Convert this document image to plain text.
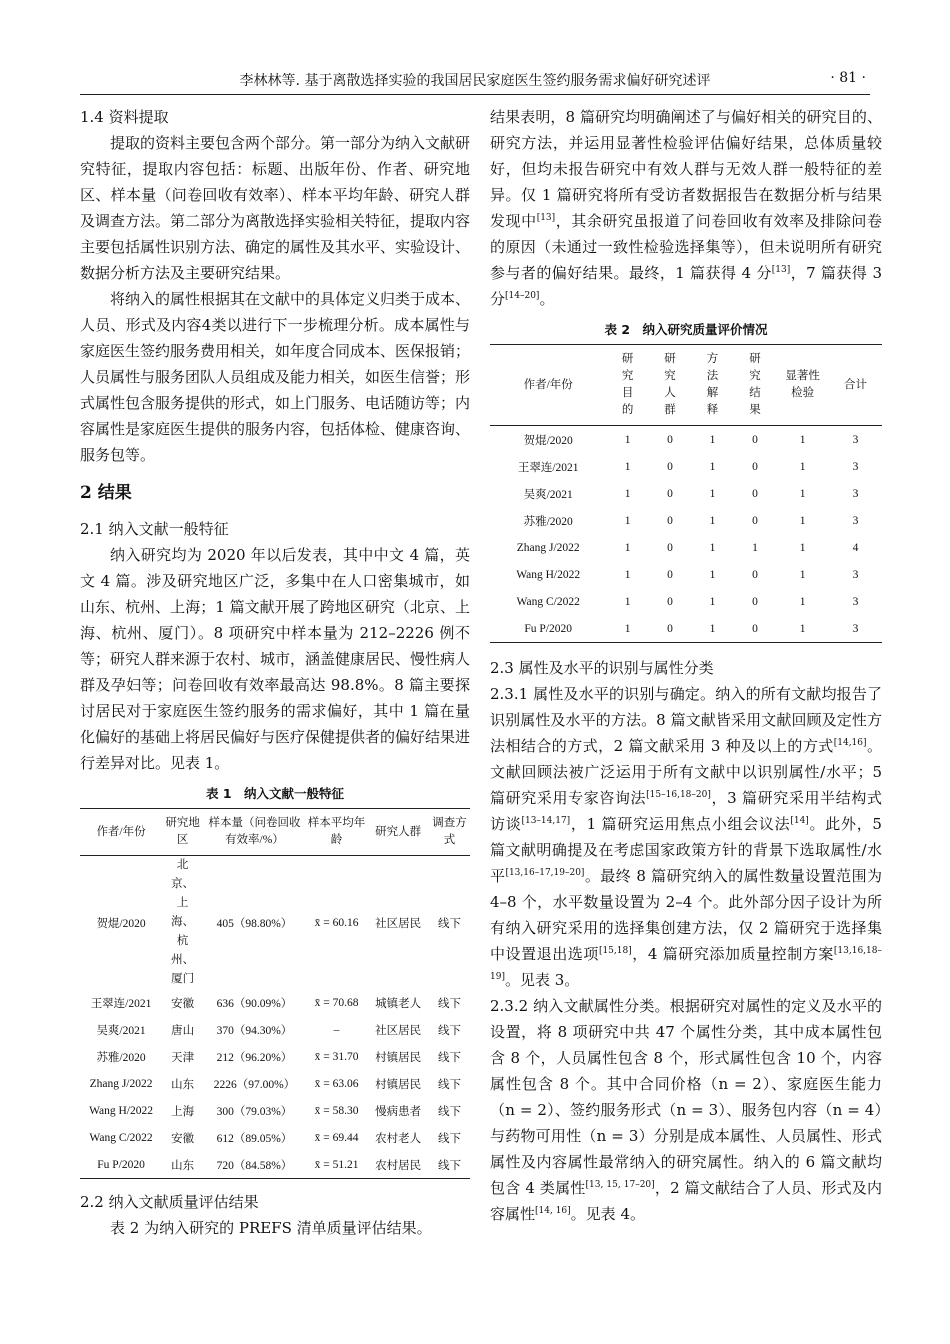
李林林等. 基于离散选择实验的我国居民家庭医生签约服务需求偏好研究述评	· 81 ·
1.4 资料提取

提取的资料主要包含两个部分。第一部分为纳入文献研究特征，提取内容包括：标题、出版年份、作者、研究地区、样本量（问卷回收有效率）、样本平均年龄、研究人群及调查方法。第二部分为离散选择实验相关特征，提取内容主要包括属性识别方法、确定的属性及其水平、实验设计、数据分析方法及主要研究结果。

将纳入的属性根据其在文献中的具体定义归类于成本、人员、形式及内容4类以进行下一步梳理分析。成本属性与家庭医生签约服务费用相关，如年度合同成本、医保报销；人员属性与服务团队人员组成及能力相关，如医生信誉；形式属性包含服务提供的形式，如上门服务、电话随访等；内容属性是家庭医生提供的服务内容，包括体检、健康咨询、服务包等。

2 结果
2.1 纳入文献一般特征

纳入研究均为 2020 年以后发表，其中中文 4 篇，英文 4 篇。涉及研究地区广泛，多集中在人口密集城市，如山东、杭州、上海；1 篇文献开展了跨地区研究（北京、上海、杭州、厦门）。8 项研究中样本量为 212–2226 例不等；研究人群来源于农村、城市，涵盖健康居民、慢性病人群及孕妇等；问卷回收有效率最高达 98.8%。8 篇主要探讨居民对于家庭医生签约服务的需求偏好，其中 1 篇在量化偏好的基础上将居民偏好与医疗保健提供者的偏好结果进行差异对比。见表 1。

表 1　纳入文献一般特征
作者/年份	研究地区	样本量（问卷回收有效率/%）	样本平均年龄	研究人群	调查方式
贺焜/2020	北京、上海、杭州、厦门	405（98.80%）	x̄ = 60.16	社区居民	线下
王翠连/2021	安徽	636（90.09%）	x̄ = 70.68	城镇老人	线下
吴爽/2021	唐山	370（94.30%）	–	社区居民	线下
苏雅/2020	天津	212（96.20%）	x̄ = 31.70	村镇居民	线下
Zhang J/2022	山东	2226（97.00%）	x̄ = 63.06	村镇居民	线下
Wang H/2022	上海	300（79.03%）	x̄ = 58.30	慢病患者	线下
Wang C/2022	安徽	612（89.05%）	x̄ = 69.44	农村老人	线下
Fu P/2020	山东	720（84.58%）	x̄ = 51.21	农村居民	线下
2.2 纳入文献质量评估结果

表 2 为纳入研究的 PREFS 清单质量评估结果。

结果表明，8 篇研究均明确阐述了与偏好相关的研究目的、研究方法，并运用显著性检验评估偏好结果，总体质量较好，但均未报告研究中有效人群与无效人群一般特征的差异。仅 1 篇研究将所有受访者数据报告在数据分析与结果发现中[13]，其余研究虽报道了问卷回收有效率及排除问卷的原因（未通过一致性检验选择集等），但未说明所有研究参与者的偏好结果。最终，1 篇获得 4 分[13]，7 篇获得 3 分[14–20]。

表 2　纳入研究质量评价情况
作者/年份	研究目的	研究人群	方法解释	研究结果	显著性检验	合计
贺焜/2020	1	0	1	0	1	3
王翠连/2021	1	0	1	0	1	3
吴爽/2021	1	0	1	0	1	3
苏雅/2020	1	0	1	0	1	3
Zhang J/2022	1	0	1	1	1	4
Wang H/2022	1	0	1	0	1	3
Wang C/2022	1	0	1	0	1	3
Fu P/2020	1	0	1	0	1	3
2.3 属性及水平的识别与属性分类

2.3.1 属性及水平的识别与确定。纳入的所有文献均报告了识别属性及水平的方法。8 篇文献皆采用文献回顾及定性方法相结合的方式，2 篇文献采用 3 种及以上的方式[14,16]。文献回顾法被广泛运用于所有文献中以识别属性/水平；5 篇研究采用专家咨询法[15–16,18–20]，3 篇研究采用半结构式访谈[13–14,17]，1 篇研究运用焦点小组会议法[14]。此外，5 篇文献明确提及在考虑国家政策方针的背景下选取属性/水平[13,16–17,19–20]。最终 8 篇研究纳入的属性数量设置范围为 4–8 个，水平数量设置为 2–4 个。此外部分因子设计为所有纳入研究采用的选择集创建方法，仅 2 篇研究于选择集中设置退出选项[15,18]，4 篇研究添加质量控制方案[13,16,18–19]。见表 3。

2.3.2 纳入文献属性分类。根据研究对属性的定义及水平的设置，将 8 项研究中共 47 个属性分类，其中成本属性包含 8 个，人员属性包含 8 个，形式属性包含 10 个，内容属性包含 8 个。其中合同价格（n = 2）、家庭医生能力（n = 2）、签约服务形式（n = 3）、服务包内容（n = 4）与药物可用性（n = 3）分别是成本属性、人员属性、形式属性及内容属性最常纳入的研究属性。纳入的 6 篇文献均包含 4 类属性[13, 15, 17–20]，2 篇文献结合了人员、形式及内容属性[14, 16]。见表 4。
